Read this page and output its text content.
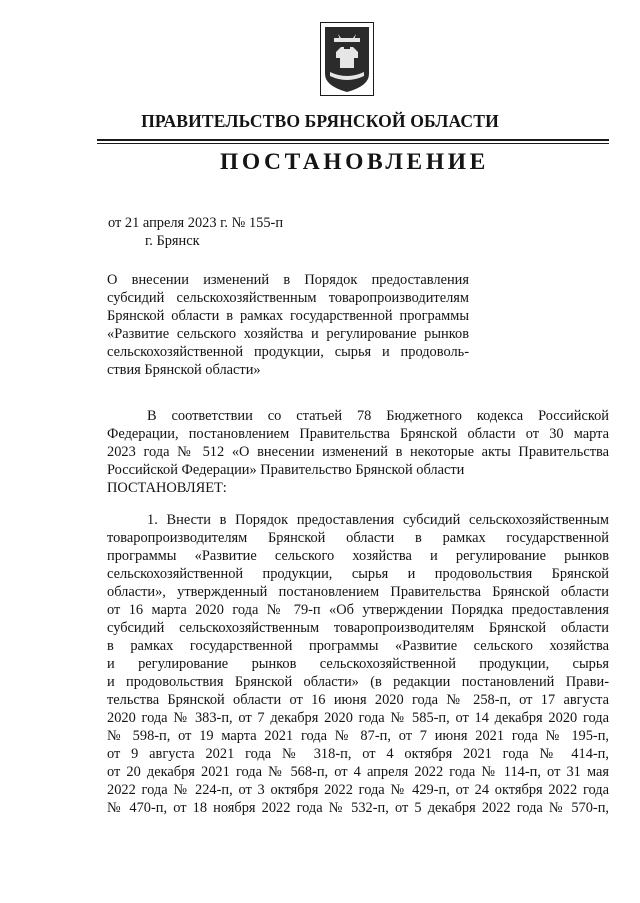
ПРАВИТЕЛЬСТВО БРЯНСКОЙ ОБЛАСТИ
ПОСТАНОВЛЕНИЕ
от 21 апреля 2023 г. № 155-п
г. Брянск
О внесении изменений в Порядок предоставления
субсидий сельскохозяйственным товаропроизводителям
Брянской области в рамках государственной программы
«Развитие сельского хозяйства и регулирование рынков
сельскохозяйственной продукции, сырья и продоволь-
ствия Брянской области»
В соответствии со статьей 78 Бюджетного кодекса Российской
Федерации, постановлением Правительства Брянской области от 30 марта
2023 года № 512 «О внесении изменений в некоторые акты Правительства
Российской Федерации» Правительство Брянской области
ПОСТАНОВЛЯЕТ:
1. Внести в Порядок предоставления субсидий сельскохозяйственным
товаропроизводителям Брянской области в рамках государственной
программы «Развитие сельского хозяйства и регулирование рынков
сельскохозяйственной продукции, сырья и продовольствия Брянской
области», утвержденный постановлением Правительства Брянской области
от 16 марта 2020 года № 79-п «Об утверждении Порядка предоставления
субсидий сельскохозяйственным товаропроизводителям Брянской области
в рамках государственной программы «Развитие сельского хозяйства
и регулирование рынков сельскохозяйственной продукции, сырья
и продовольствия Брянской области» (в редакции постановлений Прави-
тельства Брянской области от 16 июня 2020 года № 258-п, от 17 августа
2020 года № 383-п, от 7 декабря 2020 года № 585-п, от 14 декабря 2020 года
№ 598-п, от 19 марта 2021 года № 87-п, от 7 июня 2021 года № 195-п,
от 9 августа 2021 года № 318-п, от 4 октября 2021 года № 414-п,
от 20 декабря 2021 года № 568-п, от 4 апреля 2022 года № 114-п, от 31 мая
2022 года № 224-п, от 3 октября 2022 года № 429-п, от 24 октября 2022 года
№ 470-п, от 18 ноября 2022 года № 532-п, от 5 декабря 2022 года № 570-п,
